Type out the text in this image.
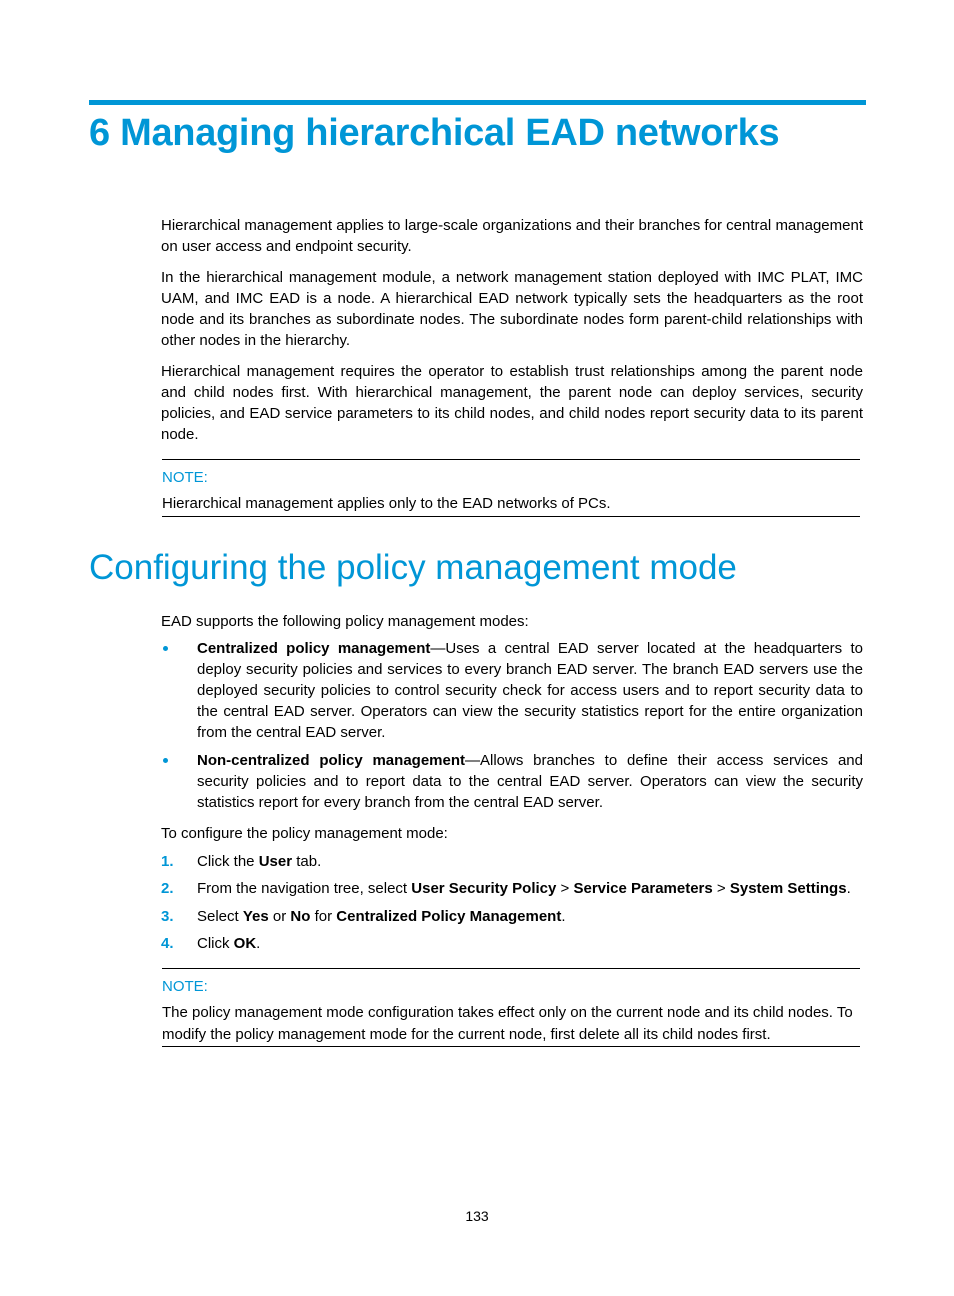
6 Managing hierarchical EAD networks

Hierarchical management applies to large-scale organizations and their branches for central management on user access and endpoint security.

In the hierarchical management module, a network management station deployed with IMC PLAT, IMC UAM, and IMC EAD is a node. A hierarchical EAD network typically sets the headquarters as the root node and its branches as subordinate nodes. The subordinate nodes form parent-child relationships with other nodes in the hierarchy.

Hierarchical management requires the operator to establish trust relationships among the parent node and child nodes first. With hierarchical management, the parent node can deploy services, security policies, and EAD service parameters to its child nodes, and child nodes report security data to its parent node.

NOTE:
Hierarchical management applies only to the EAD networks of PCs.
Configuring the policy management mode

EAD supports the following policy management modes:

Centralized policy management—Uses a central EAD server located at the headquarters to deploy security policies and services to every branch EAD server. The branch EAD servers use the deployed security policies to control security check for access users and to report security data to the central EAD server. Operators can view the security statistics report for the entire organization from the central EAD server.
Non-centralized policy management—Allows branches to define their access services and security policies and to report data to the central EAD server. Operators can view the security statistics report for every branch from the central EAD server.

To configure the policy management mode:

1. Click the User tab.
2. From the navigation tree, select User Security Policy > Service Parameters > System Settings.
3. Select Yes or No for Centralized Policy Management.
4. Click OK.
NOTE:
The policy management mode configuration takes effect only on the current node and its child nodes. To modify the policy management mode for the current node, first delete all its child nodes first.
133
